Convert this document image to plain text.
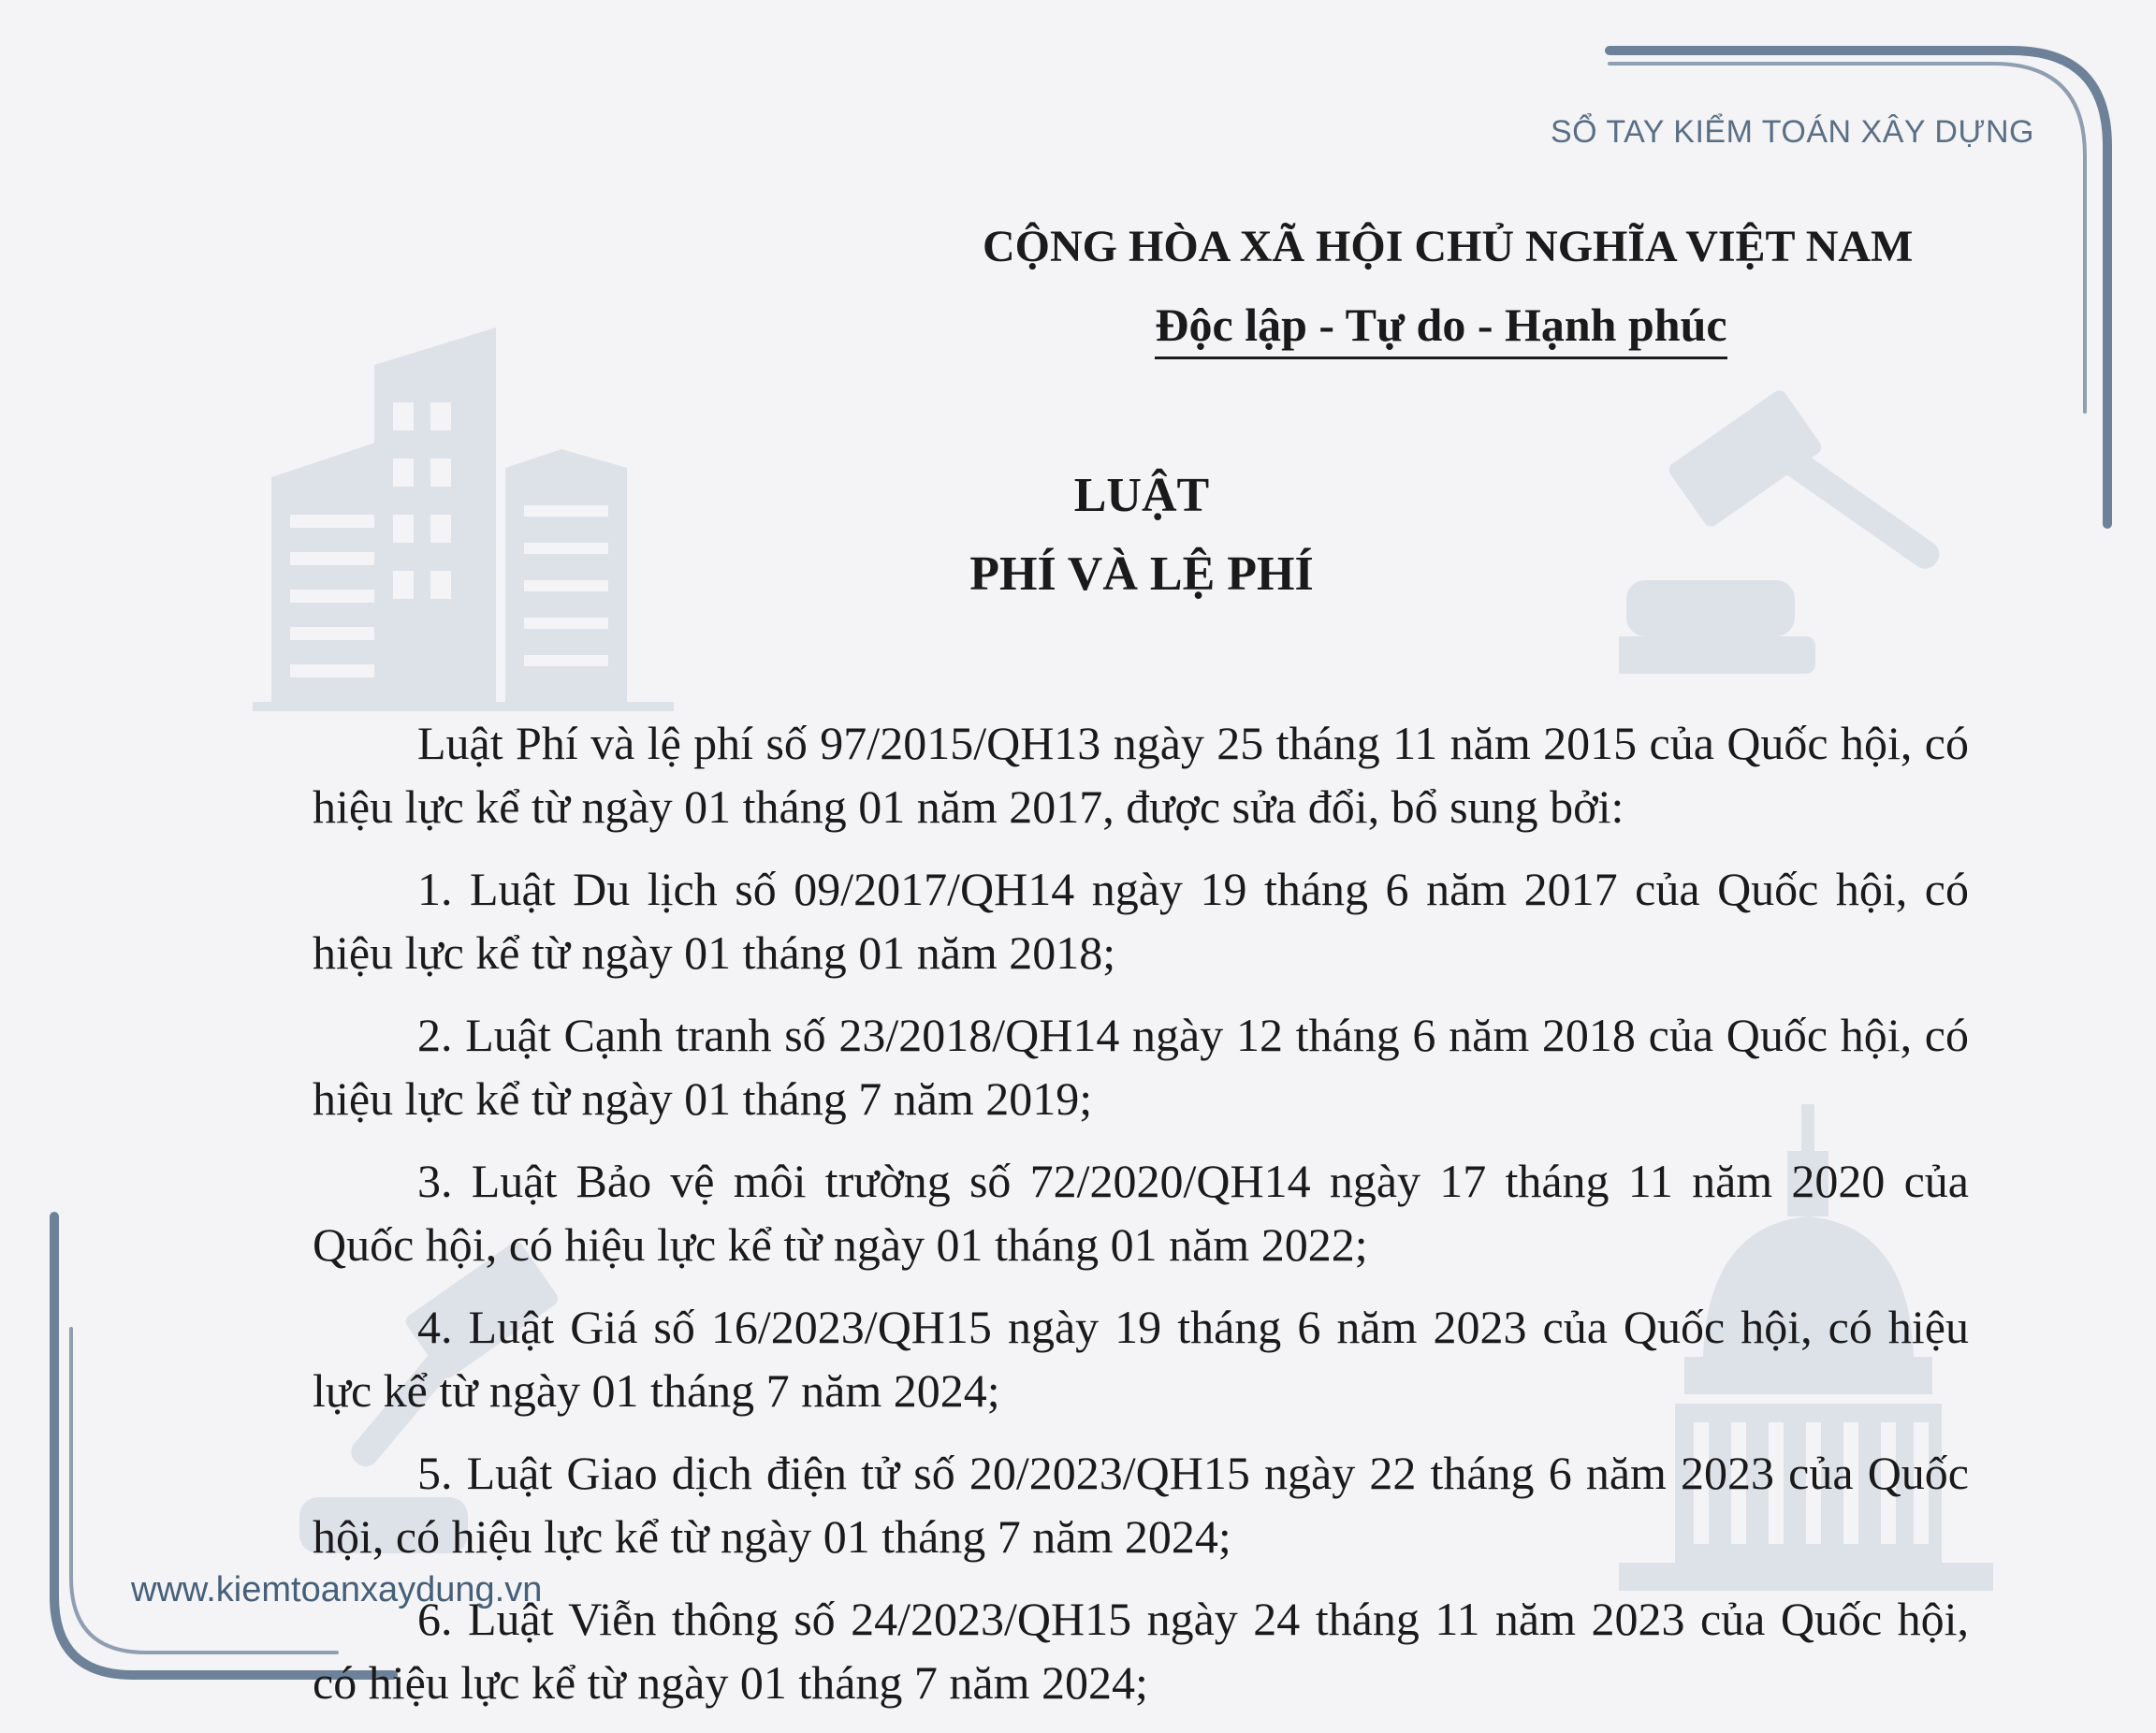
SỔ TAY KIỂM TOÁN XÂY DỰNG
CỘNG HÒA XÃ HỘI CHỦ NGHĨA VIỆT NAM
Độc lập - Tự do - Hạnh phúc
LUẬT
PHÍ VÀ LỆ PHÍ

Luật Phí và lệ phí số 97/2015/QH13 ngày 25 tháng 11 năm 2015 của Quốc hội, có hiệu lực kể từ ngày 01 tháng 01 năm 2017, được sửa đổi, bổ sung bởi:

1. Luật Du lịch số 09/2017/QH14 ngày 19 tháng 6 năm 2017 của Quốc hội, có hiệu lực kể từ ngày 01 tháng 01 năm 2018;

2. Luật Cạnh tranh số 23/2018/QH14 ngày 12 tháng 6 năm 2018 của Quốc hội, có hiệu lực kể từ ngày 01 tháng 7 năm 2019;

3. Luật Bảo vệ môi trường số 72/2020/QH14 ngày 17 tháng 11 năm 2020 của Quốc hội, có hiệu lực kể từ ngày 01 tháng 01 năm 2022;

4. Luật Giá số 16/2023/QH15 ngày 19 tháng 6 năm 2023 của Quốc hội, có hiệu lực kể từ ngày 01 tháng 7 năm 2024;

5. Luật Giao dịch điện tử số 20/2023/QH15 ngày 22 tháng 6 năm 2023 của Quốc hội, có hiệu lực kể từ ngày 01 tháng 7 năm 2024;

6. Luật Viễn thông số 24/2023/QH15 ngày 24 tháng 11 năm 2023 của Quốc hội, có hiệu lực kể từ ngày 01 tháng 7 năm 2024;

www.kiemtoanxaydung.vn
